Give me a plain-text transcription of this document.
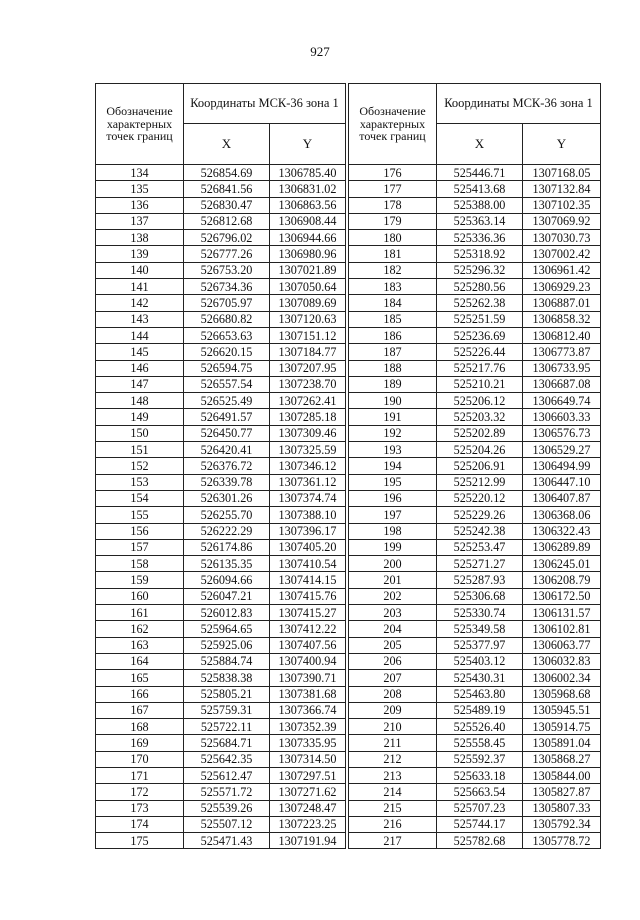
927
Обозначение характерных точек границ	Координаты МСК-36 зона 1	
	X	Y
134	526854.69	1306785.40
135	526841.56	1306831.02
136	526830.47	1306863.56
137	526812.68	1306908.44
138	526796.02	1306944.66
139	526777.26	1306980.96
140	526753.20	1307021.89
141	526734.36	1307050.64
142	526705.97	1307089.69
143	526680.82	1307120.63
144	526653.63	1307151.12
145	526620.15	1307184.77
146	526594.75	1307207.95
147	526557.54	1307238.70
148	526525.49	1307262.41
149	526491.57	1307285.18
150	526450.77	1307309.46
151	526420.41	1307325.59
152	526376.72	1307346.12
153	526339.78	1307361.12
154	526301.26	1307374.74
155	526255.70	1307388.10
156	526222.29	1307396.17
157	526174.86	1307405.20
158	526135.35	1307410.54
159	526094.66	1307414.15
160	526047.21	1307415.76
161	526012.83	1307415.27
162	525964.65	1307412.22
163	525925.06	1307407.56
164	525884.74	1307400.94
165	525838.38	1307390.71
166	525805.21	1307381.68
167	525759.31	1307366.74
168	525722.11	1307352.39
169	525684.71	1307335.95
170	525642.35	1307314.50
171	525612.47	1307297.51
172	525571.72	1307271.62
173	525539.26	1307248.47
174	525507.12	1307223.25
175	525471.43	1307191.94
Обозначение характерных точек границ	Координаты МСК-36 зона 1	
	X	Y
176	525446.71	1307168.05
177	525413.68	1307132.84
178	525388.00	1307102.35
179	525363.14	1307069.92
180	525336.36	1307030.73
181	525318.92	1307002.42
182	525296.32	1306961.42
183	525280.56	1306929.23
184	525262.38	1306887.01
185	525251.59	1306858.32
186	525236.69	1306812.40
187	525226.44	1306773.87
188	525217.76	1306733.95
189	525210.21	1306687.08
190	525206.12	1306649.74
191	525203.32	1306603.33
192	525202.89	1306576.73
193	525204.26	1306529.27
194	525206.91	1306494.99
195	525212.99	1306447.10
196	525220.12	1306407.87
197	525229.26	1306368.06
198	525242.38	1306322.43
199	525253.47	1306289.89
200	525271.27	1306245.01
201	525287.93	1306208.79
202	525306.68	1306172.50
203	525330.74	1306131.57
204	525349.58	1306102.81
205	525377.97	1306063.77
206	525403.12	1306032.83
207	525430.31	1306002.34
208	525463.80	1305968.68
209	525489.19	1305945.51
210	525526.40	1305914.75
211	525558.45	1305891.04
212	525592.37	1305868.27
213	525633.18	1305844.00
214	525663.54	1305827.87
215	525707.23	1305807.33
216	525744.17	1305792.34
217	525782.68	1305778.72
